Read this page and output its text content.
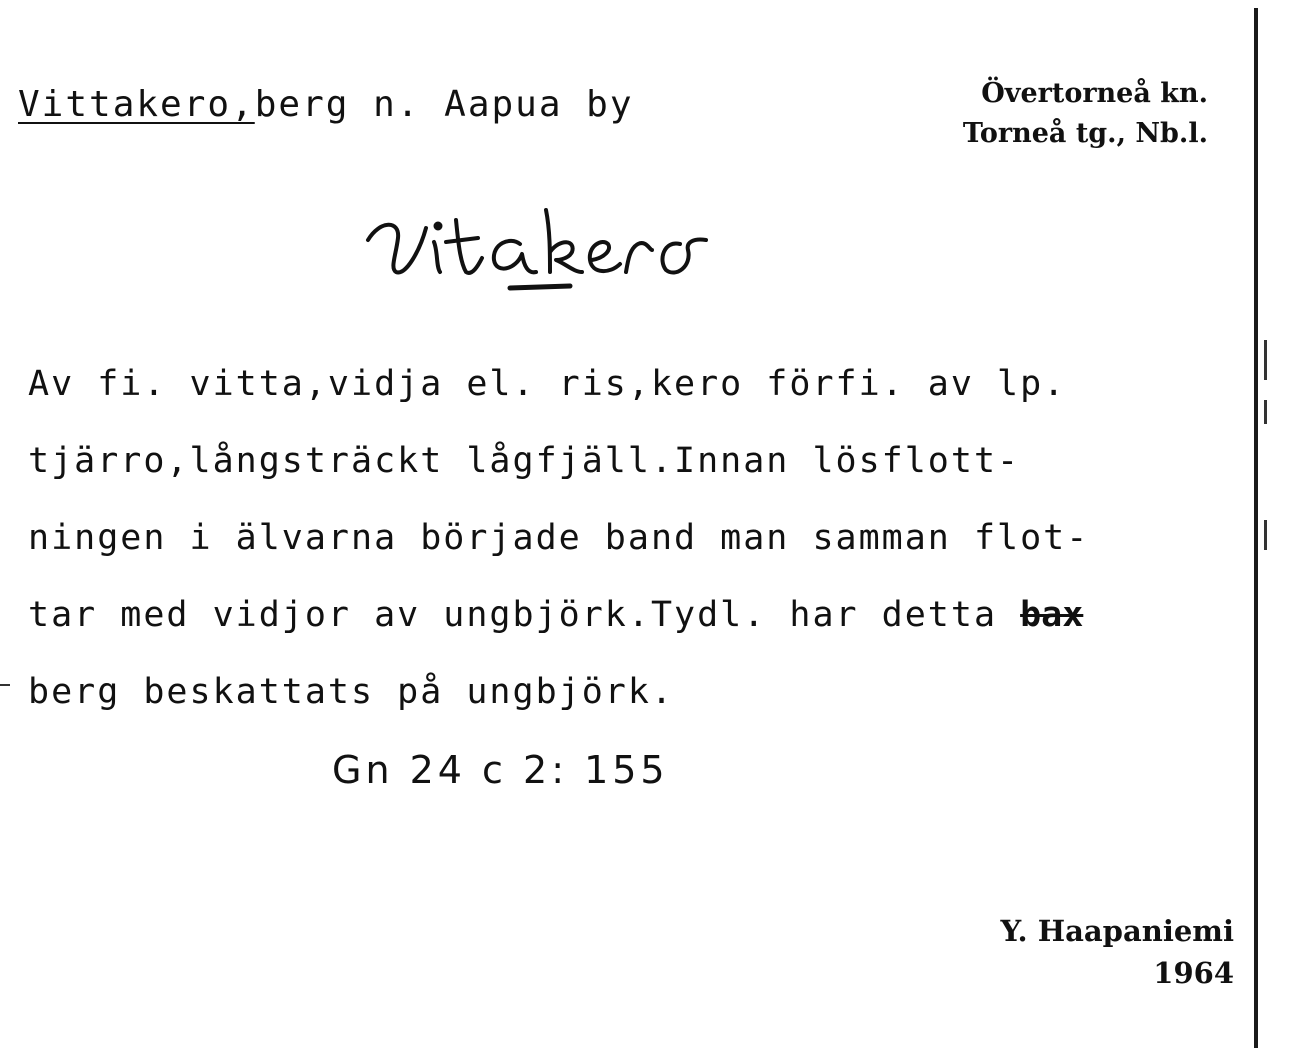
Vittakero,berg n. Aapua by	Övertorneå kn.
Torneå tg., Nb.l.
Av fi. vitta,vidja el. ris,kero förfi. av lp.
tjärro,långsträckt lågfjäll.Innan lösflott-
ningen i älvarna började band man samman flot-
tar med vidjor av ungbjörk.Tydl. har detta bax
berg beskattats på ungbjörk.
Gn 24 c 2: 155
Y. Haapaniemi
1964
